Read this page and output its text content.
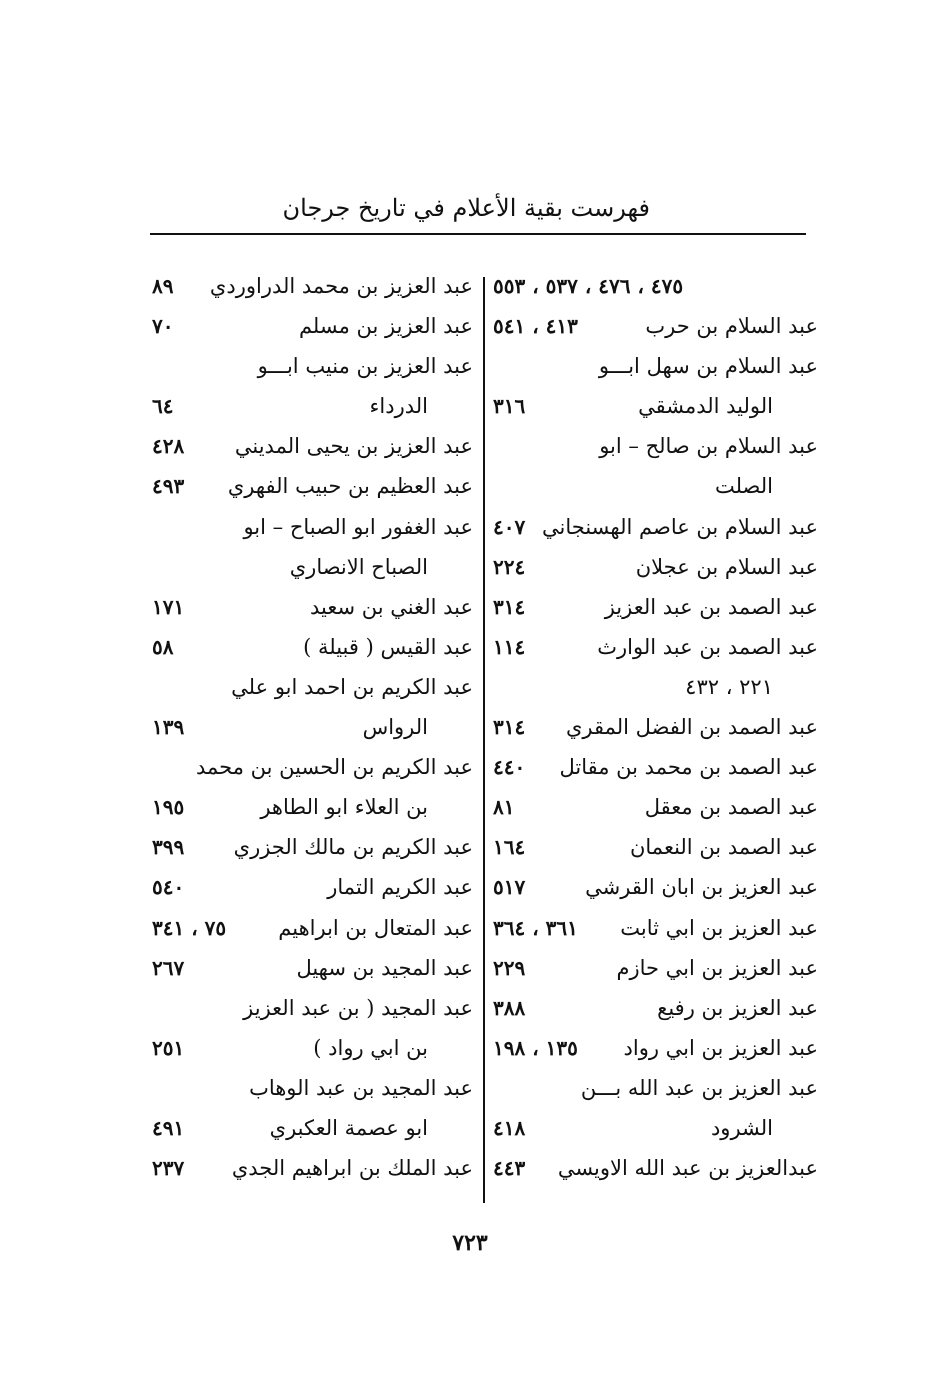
فهرست بقية الأعلام في تاريخ جرجان
٤٧٥ ، ٤٧٦ ، ٥٣٧ ، ٥٥٣
عبد السلام بن حرب
٤١٣ ، ٥٤١
عبد السلام بن سهل ابـــو
الوليد الدمشقي
٣١٦
عبد السلام بن صالح – ابو
الصلت
عبد السلام بن عاصم الهسنجاني
٤٠٧
عبد السلام بن عجلان
٢٢٤
عبد الصمد بن عبد العزيز
٣١٤
عبد الصمد بن عبد الوارث
١١٤
٢٢١ ، ٤٣٢
عبد الصمد بن الفضل المقري
٣١٤
عبد الصمد بن محمد بن مقاتل
٤٤٠
عبد الصمد بن معقل
٨١
عبد الصمد بن النعمان
١٦٤
عبد العزيز بن ابان القرشي
٥١٧
عبد العزيز بن ابي ثابت
٣٦١ ، ٣٦٤
عبد العزيز بن ابي حازم
٢٢٩
عبد العزيز بن رفيع
٣٨٨
عبد العزيز بن ابي رواد
١٣٥ ، ١٩٨
عبد العزيز بن عبد الله بـــن
الشرود
٤١٨
عبدالعزيز بن عبد الله الاويسي
٤٤٣
عبد العزيز بن محمد الدراوردي
٨٩
عبد العزيز بن مسلم
٧٠
عبد العزيز بن منيب ابـــو
الدرداء
٦٤
عبد العزيز بن يحيى المديني
٤٢٨
عبد العظيم بن حبيب الفهري
٤٩٣
عبد الغفور ابو الصباح – ابو
الصباح الانصاري
عبد الغني بن سعيد
١٧١
عبد القيس ( قبيلة )
٥٨
عبد الكريم بن احمد ابو علي
الرواس
١٣٩
عبد الكريم بن الحسين بن محمد
بن العلاء ابو الطاهر
١٩٥
عبد الكريم بن مالك الجزري
٣٩٩
عبد الكريم التمار
٥٤٠
عبد المتعال بن ابراهيم
٧٥ ، ٣٤١
عبد المجيد بن سهيل
٢٦٧
عبد المجيد ( بن عبد العزيز
بن ابي رواد )
٢٥١
عبد المجيد بن عبد الوهاب
ابو عصمة العكبري
٤٩١
عبد الملك بن ابراهيم الجدي
٢٣٧
٧٢٣
